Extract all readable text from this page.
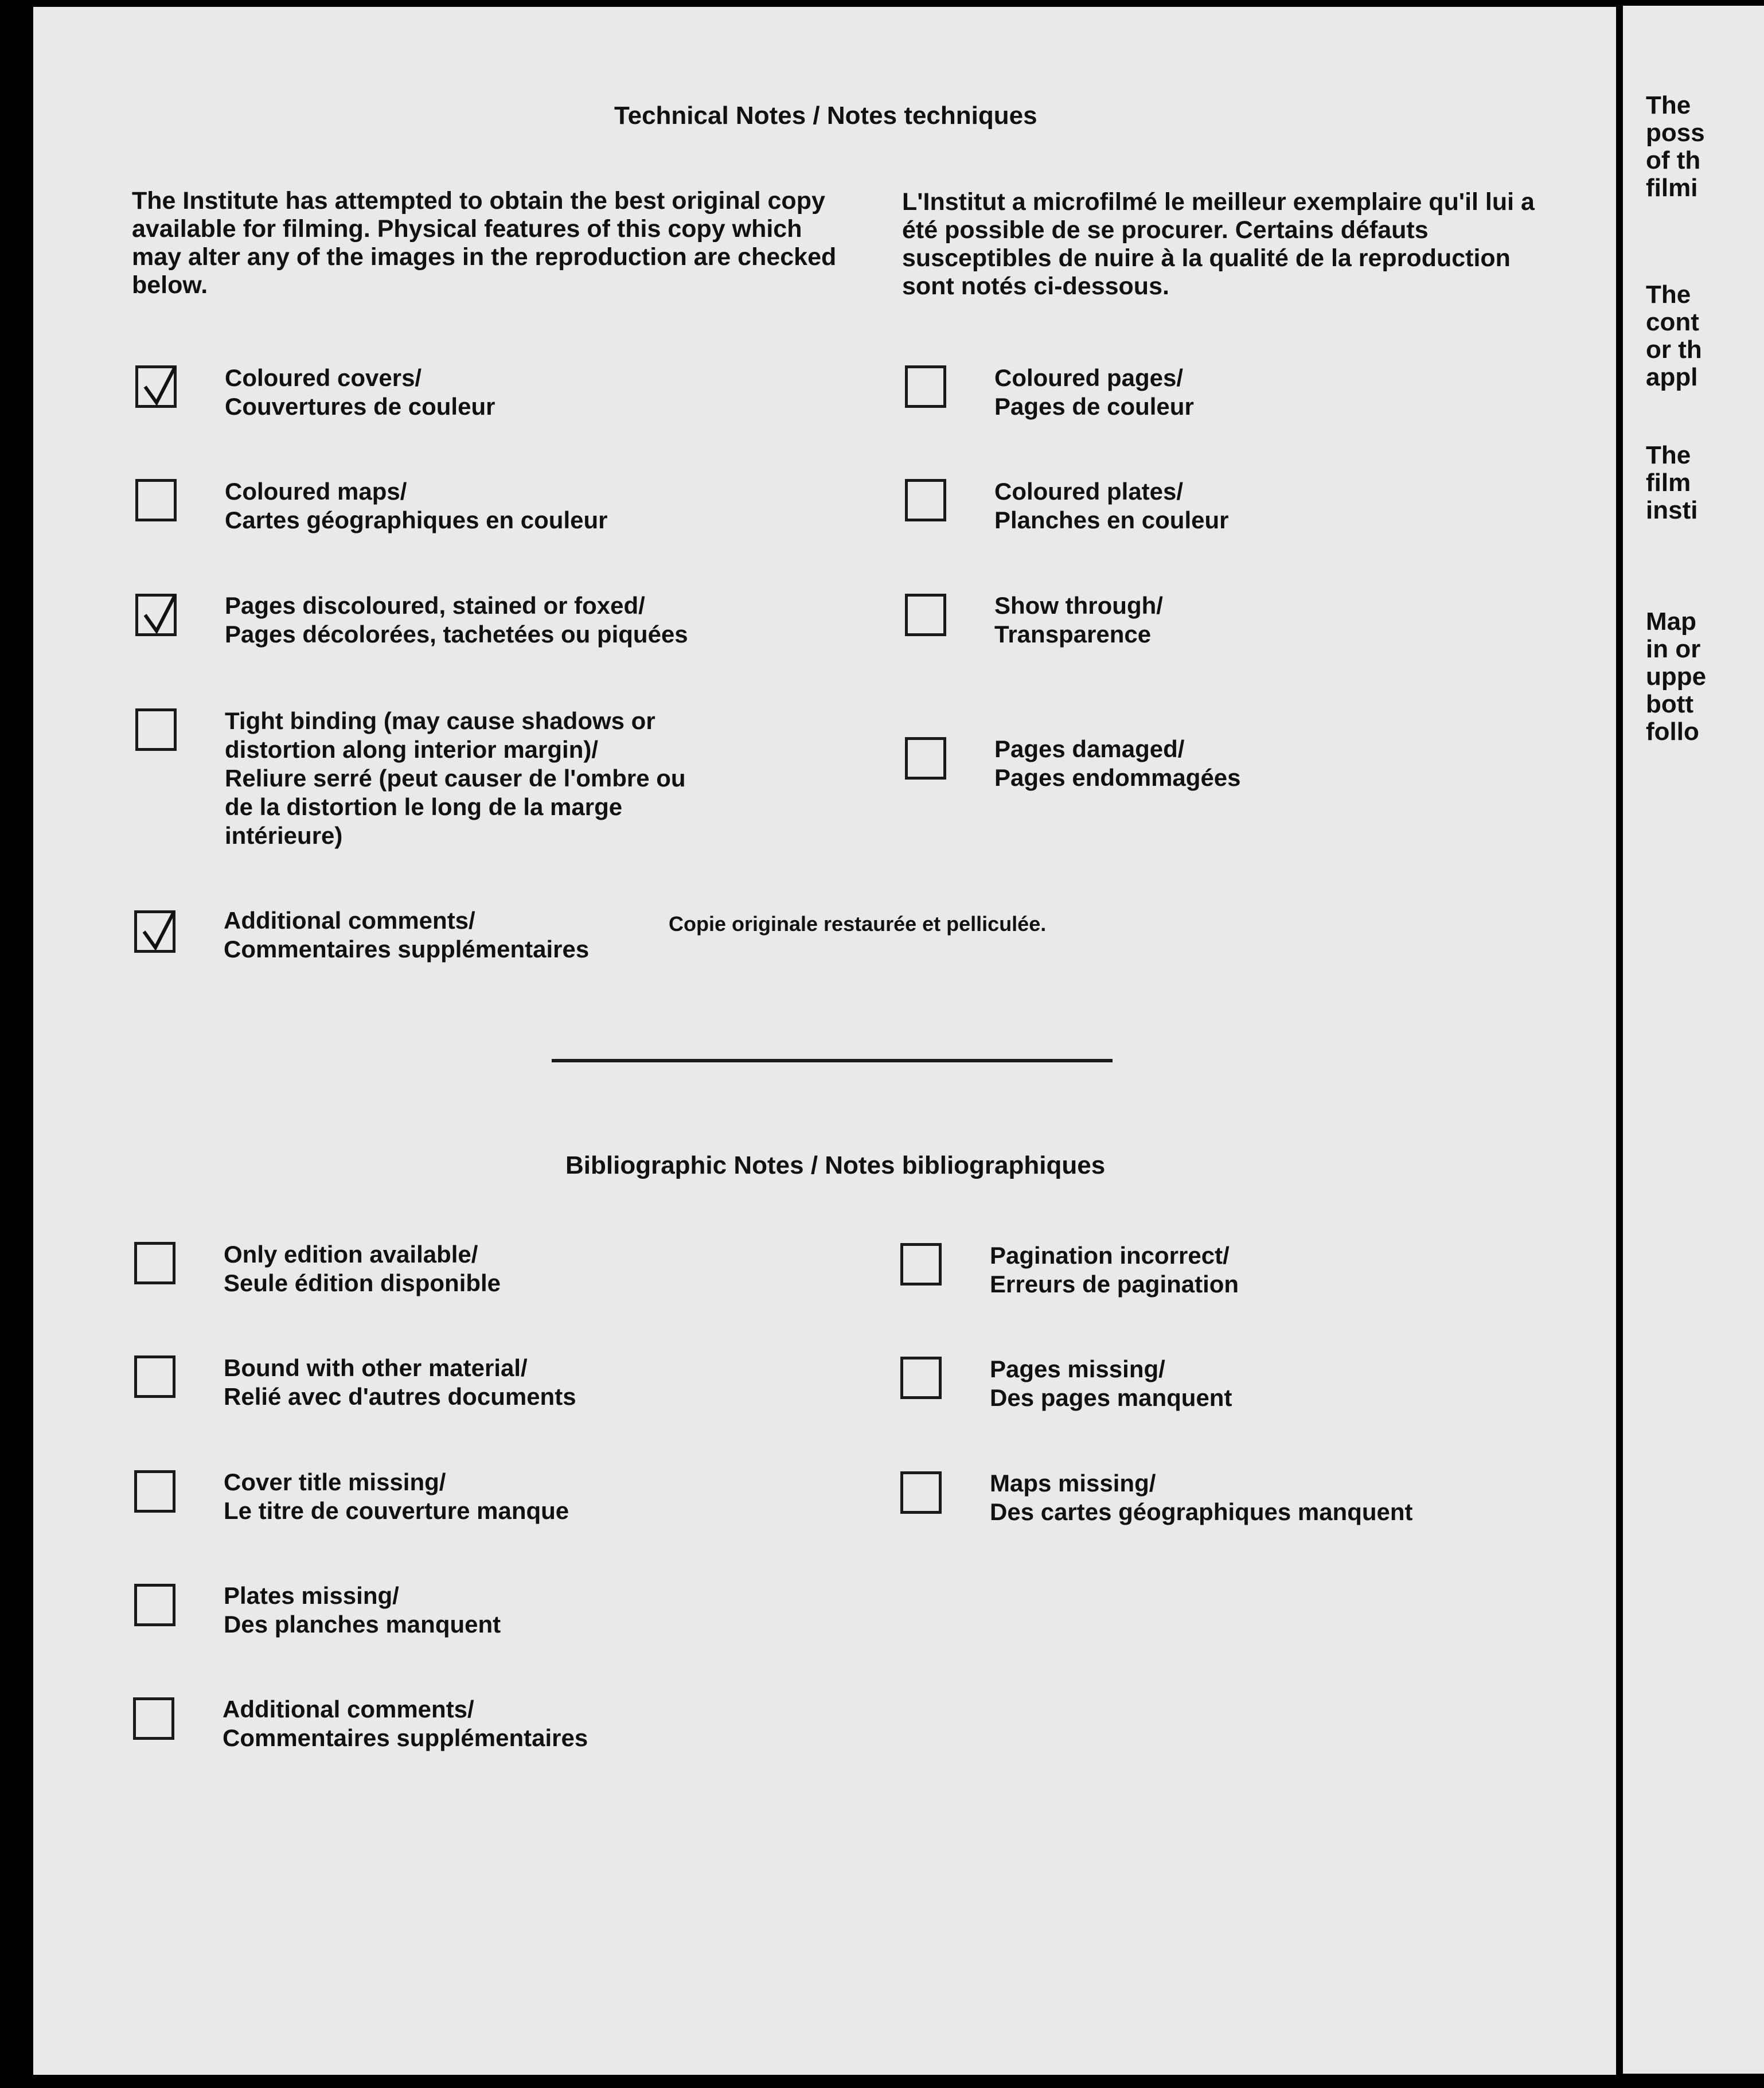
Technical Notes / Notes techniques
The Institute has attempted to obtain the best original copy available for filming. Physical features of this copy which may alter any of the images in the reproduction are checked below.
L'Institut a microfilmé le meilleur exemplaire qu'il lui a été possible de se procurer. Certains défauts susceptibles de nuire à la qualité de la reproduction sont notés ci-dessous.
Coloured covers/
Couvertures de couleur
Coloured maps/
Cartes géographiques en couleur
Pages discoloured, stained or foxed/
Pages décolorées, tachetées ou piquées
Tight binding (may cause shadows or
distortion along interior margin)/
Reliure serré (peut causer de l'ombre ou
de la distortion le long de la marge
intérieure)
Additional comments/
Commentaires supplémentaires
Copie originale restaurée et pelliculée.
Coloured pages/
Pages de couleur
Coloured plates/
Planches en couleur
Show through/
Transparence
Pages damaged/
Pages endommagées
Bibliographic Notes / Notes bibliographiques
Only edition available/
Seule édition disponible
Bound with other material/
Relié avec d'autres documents
Cover title missing/
Le titre de couverture manque
Plates missing/
Des planches manquent
Additional comments/
Commentaires supplémentaires
Pagination incorrect/
Erreurs de pagination
Pages missing/
Des pages manquent
Maps missing/
Des cartes géographiques manquent
The
poss
of th
filmi
The
cont
or th
appl
The
film
insti
Map
in or
uppe
bott
follo
